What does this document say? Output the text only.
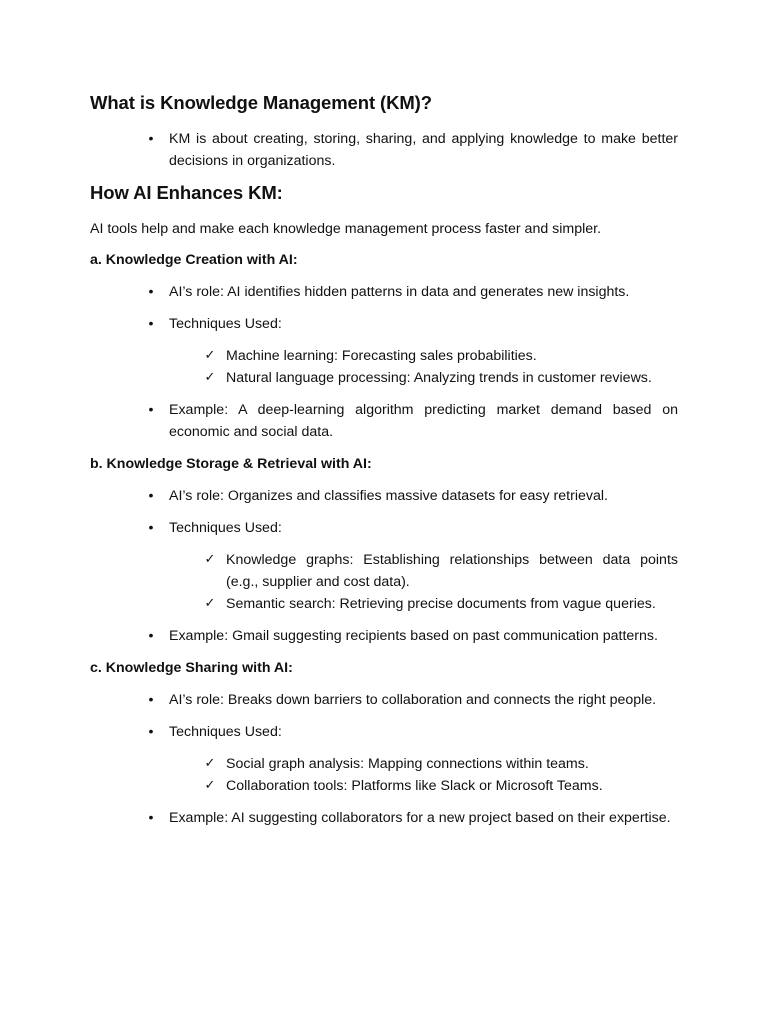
What is Knowledge Management (KM)?
• KM is about creating, storing, sharing, and applying knowledge to make better decisions in organizations.
How AI Enhances KM:
AI tools help and make each knowledge management process faster and simpler.
a. Knowledge Creation with AI:
• AI’s role: AI identifies hidden patterns in data and generates new insights.
• Techniques Used:
✓ Machine learning: Forecasting sales probabilities.
✓ Natural language processing: Analyzing trends in customer reviews.
• Example: A deep-learning algorithm predicting market demand based on economic and social data.
b. Knowledge Storage & Retrieval with AI:
• AI’s role: Organizes and classifies massive datasets for easy retrieval.
• Techniques Used:
✓ Knowledge graphs: Establishing relationships between data points (e.g., supplier and cost data).
✓ Semantic search: Retrieving precise documents from vague queries.
• Example: Gmail suggesting recipients based on past communication patterns.
c. Knowledge Sharing with AI:
• AI’s role: Breaks down barriers to collaboration and connects the right people.
• Techniques Used:
✓ Social graph analysis: Mapping connections within teams.
✓ Collaboration tools: Platforms like Slack or Microsoft Teams.
• Example: AI suggesting collaborators for a new project based on their expertise.
